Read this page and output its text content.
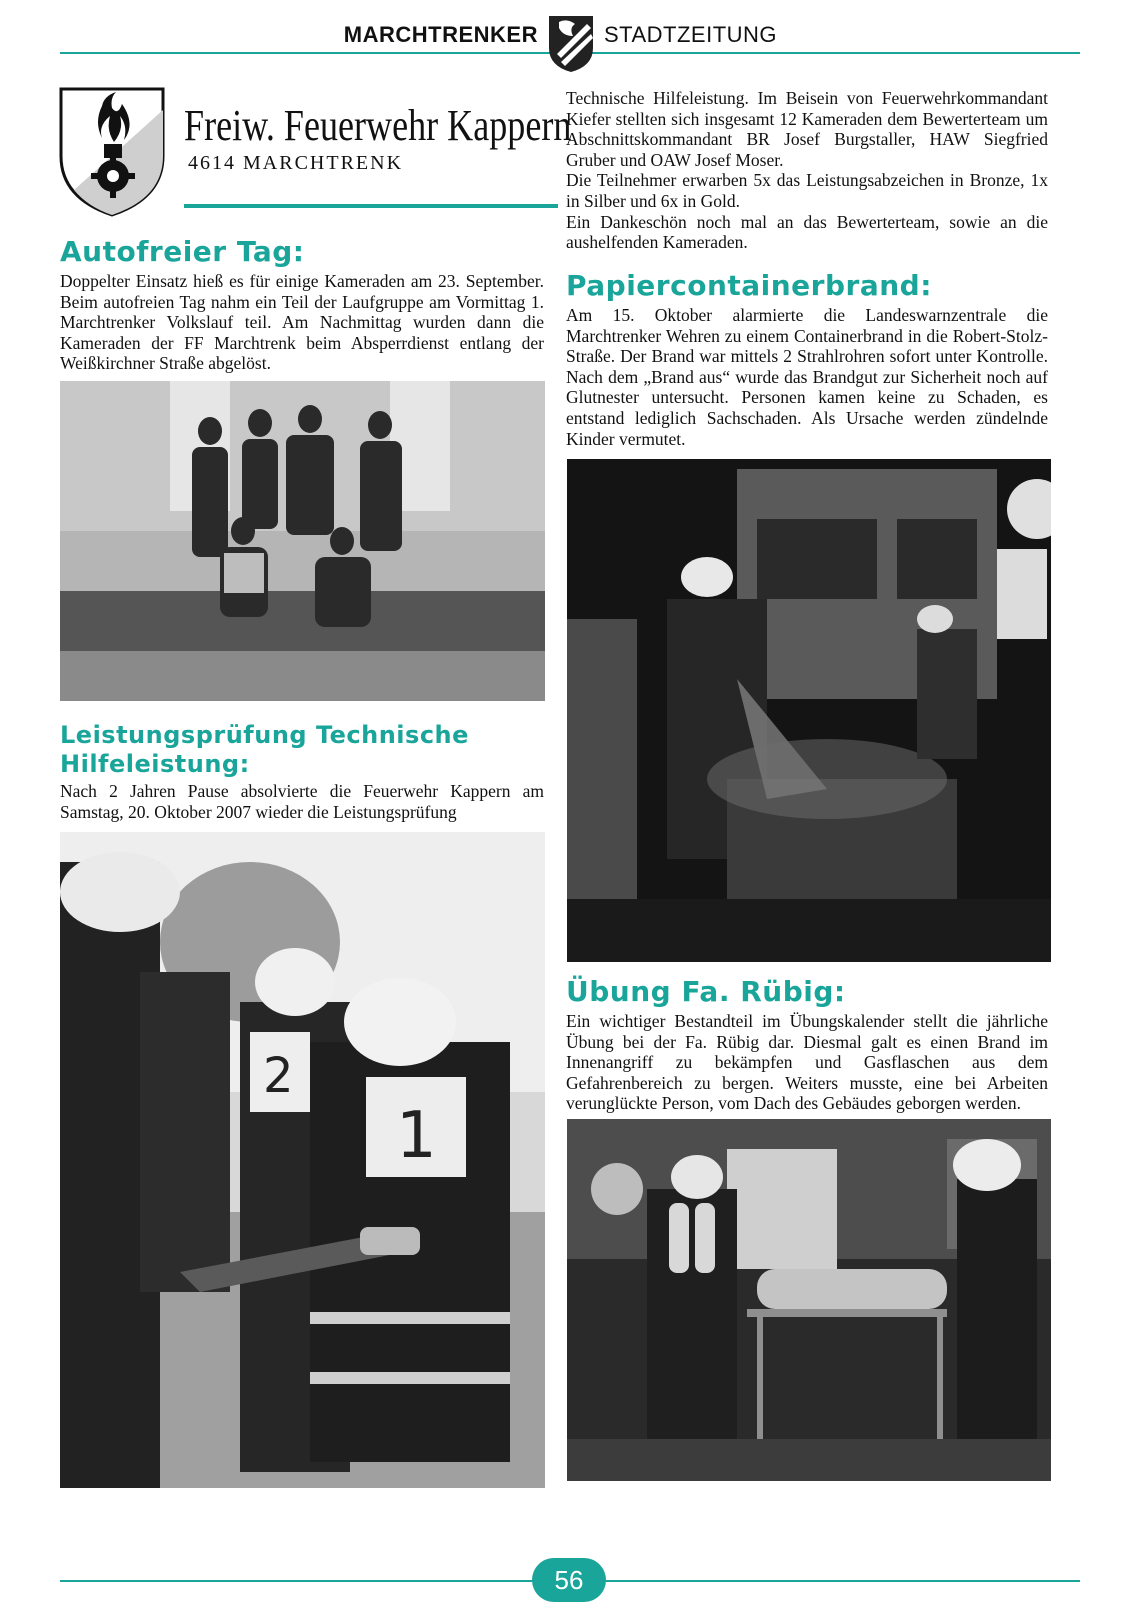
MARCHTRENKER	STADTZEITUNG
Freiw. Feuerwehr Kappern
4614 MARCHTRENK
Autofreier Tag:

Doppelter Einsatz hieß es für einige Kameraden am 23. September. Beim autofreien Tag nahm ein Teil der Laufgruppe am Vormittag 1. Marchtrenker Volkslauf teil. Am Nachmittag wurden dann die Kameraden der FF Marchtrenk beim Absperrdienst entlang der Weißkirchner Straße abgelöst.

Leistungsprüfung Technische
Hilfeleistung:

Nach 2 Jahren Pause absolvierte die Feuerwehr Kappern am Samstag, 20. Oktober 2007 wieder die Leistungsprüfung

2
1

Technische Hilfeleistung. Im Beisein von Feuerwehrkommandant Kiefer stellten sich insgesamt 12 Kameraden dem Bewerterteam um Abschnittskommandant BR Josef Burgstaller, HAW Siegfried Gruber und OAW Josef Moser.

Die Teilnehmer erwarben 5x das Leistungsabzeichen in Bronze, 1x in Silber und 6x in Gold.

Ein Dankeschön noch mal an das Bewerterteam, sowie an die aushelfenden Kameraden.

Papiercontainerbrand:

Am 15. Oktober alarmierte die Landeswarnzentrale die Marchtrenker Wehren zu einem Containerbrand in die Robert-Stolz-Straße. Der Brand war mittels 2 Strahlrohren sofort unter Kontrolle. Nach dem „Brand aus“ wurde das Brandgut zur Sicherheit noch auf Glutnester untersucht. Personen kamen keine zu Schaden, es entstand lediglich Sachschaden. Als Ursache werden zündelnde Kinder vermutet.

Übung Fa. Rübig:

Ein wichtiger Bestandteil im Übungskalender stellt die jährliche Übung bei der Fa. Rübig dar. Diesmal galt es einen Brand im Innenangriff zu bekämpfen und Gasflaschen aus dem Gefahrenbereich zu bergen. Weiters musste, eine bei Arbeiten verunglückte Person, vom Dach des Gebäudes geborgen werden.

56
